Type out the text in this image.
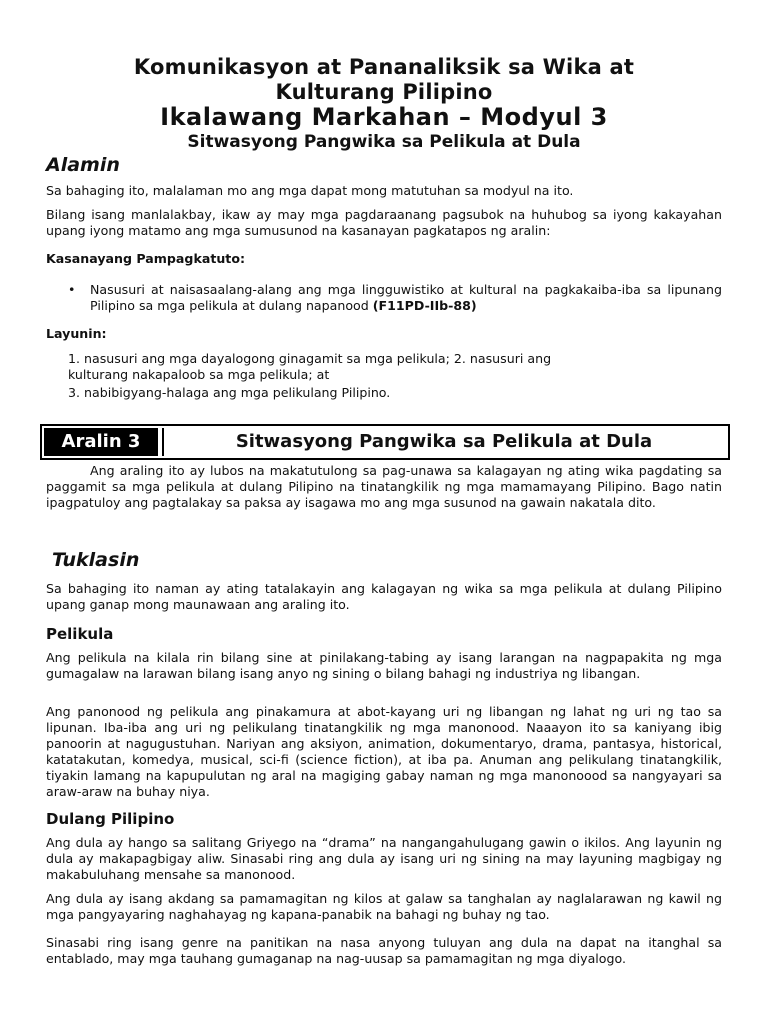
Komunikasyon at Pananaliksik sa Wika at
Kulturang Pilipino
Ikalawang Markahan – Modyul 3
Sitwasyong Pangwika sa Pelikula at Dula
Alamin
Sa bahaging ito, malalaman mo ang mga dapat mong matutuhan sa modyul na ito.
Bilang isang manlalakbay, ikaw ay may mga pagdaraanang pagsubok na huhubog sa iyong kakayahan upang iyong matamo ang mga sumusunod na kasanayan pagkatapos ng aralin:
Kasanayang Pampagkatuto:
•	Nasusuri at naisasaalang-alang ang mga lingguwistiko at kultural na pagkakaiba-iba sa lipunang Pilipino sa mga pelikula at dulang napanood (F11PD-IIb-88)
Layunin:
1. nasusuri ang mga dayalogong ginagamit sa mga pelikula; 2. nasusuri ang
kulturang nakapaloob sa mga pelikula; at
3. nabibigyang-halaga ang mga pelikulang Pilipino.
Aralin 3	Sitwasyong Pangwika sa Pelikula at Dula
Ang araling ito ay lubos na makatutulong sa pag-unawa sa kalagayan ng ating wika pagdating sa paggamit sa mga pelikula at dulang Pilipino na tinatangkilik ng mga mamamayang Pilipino. Bago natin ipagpatuloy ang pagtalakay sa paksa ay isagawa mo ang mga susunod na gawain nakatala dito.
Tuklasin
Sa bahaging ito naman ay ating tatalakayin ang kalagayan ng wika sa mga pelikula at dulang Pilipino upang ganap mong maunawaan ang araling ito.
Pelikula
Ang pelikula na kilala rin bilang sine at pinilakang-tabing ay isang larangan na nagpapakita ng mga gumagalaw na larawan bilang isang anyo ng sining o bilang bahagi ng industriya ng libangan.
Ang panonood ng pelikula ang pinakamura at abot-kayang uri ng libangan ng lahat ng uri ng tao sa lipunan. Iba-iba ang uri ng pelikulang tinatangkilik ng mga manonood. Naaayon ito sa kaniyang ibig panoorin at nagugustuhan. Nariyan ang aksiyon, animation, dokumentaryo, drama, pantasya, historical, katatakutan, komedya, musical, sci-fi (science fiction), at iba pa. Anuman ang pelikulang tinatangkilik, tiyakin lamang na kapupulutan ng aral na magiging gabay naman ng mga manonoood sa nangyayari sa araw-araw na buhay niya.
Dulang Pilipino
Ang dula ay hango sa salitang Griyego na “drama” na nangangahulugang gawin o ikilos. Ang layunin ng dula ay makapagbigay aliw. Sinasabi ring ang dula ay isang uri ng sining na may layuning magbigay ng makabuluhang mensahe sa manonood.
Ang dula ay isang akdang sa pamamagitan ng kilos at galaw sa tanghalan ay naglalarawan ng kawil ng mga pangyayaring naghahayag ng kapana-panabik na bahagi ng buhay ng tao.
Sinasabi ring isang genre na panitikan na nasa anyong tuluyan ang dula na dapat na itanghal sa entablado, may mga tauhang gumaganap na nag-uusap sa pamamagitan ng mga diyalogo.
